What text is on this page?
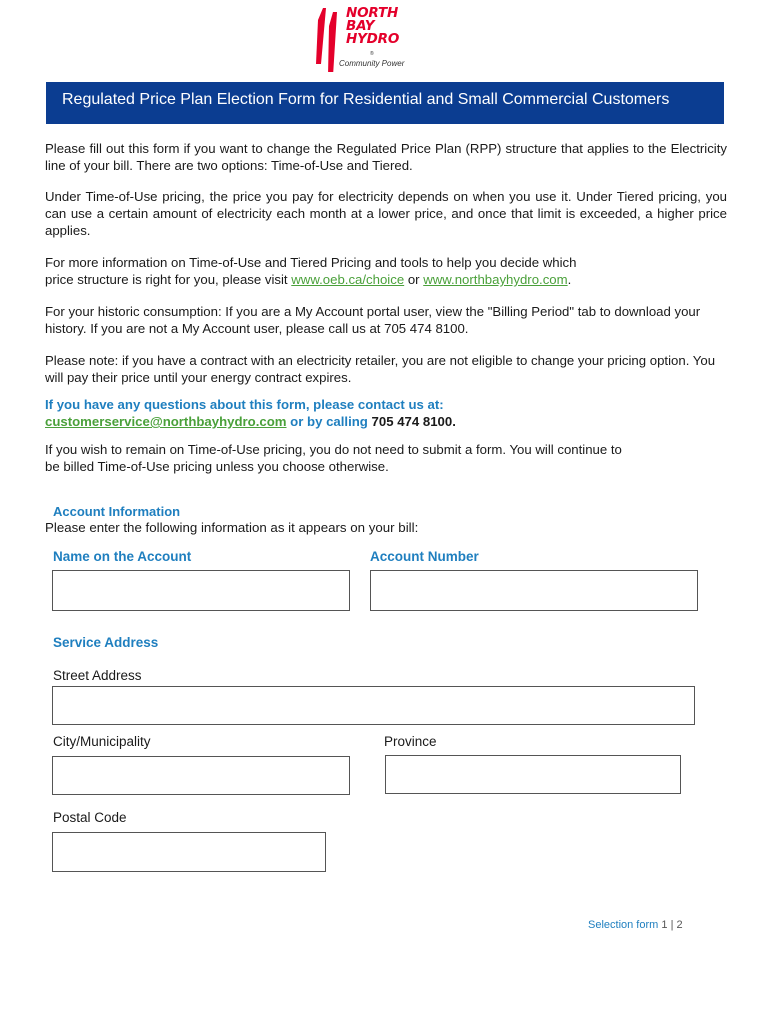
NORTH
BAY
HYDRO
®
Community Power
Regulated Price Plan Election Form for Residential and Small Commercial Customers

Please fill out this form if you want to change the Regulated Price Plan (RPP) structure that applies to the Electricity line of your bill. There are two options: Time-of-Use and Tiered.

Under Time-of-Use pricing, the price you pay for electricity depends on when you use it. Under Tiered pricing, you can use a certain amount of electricity each month at a lower price, and once that limit is exceeded, a higher price applies.

For more information on Time-of-Use and Tiered Pricing and tools to help you decide which
price structure is right for you, please visit www.oeb.ca/choice or www.northbayhydro.com.

For your historic consumption: If you are a My Account portal user, view the "Billing Period" tab to download your history. If you are not a My Account user, please call us at 705 474 8100.

Please note: if you have a contract with an electricity retailer, you are not eligible to change your pricing option. You will pay their price until your energy contract expires.

If you have any questions about this form, please contact us at:
customerservice@northbayhydro.com or by calling 705 474 8100.

If you wish to remain on Time-of-Use pricing, you do not need to submit a form. You will continue to
be billed Time-of-Use pricing unless you choose otherwise.

Account Information
Please enter the following information as it appears on your bill:
Name on the Account	Account Number
Service Address
Street Address
City/Municipality	Province
Postal Code
Selection form 1 | 2
